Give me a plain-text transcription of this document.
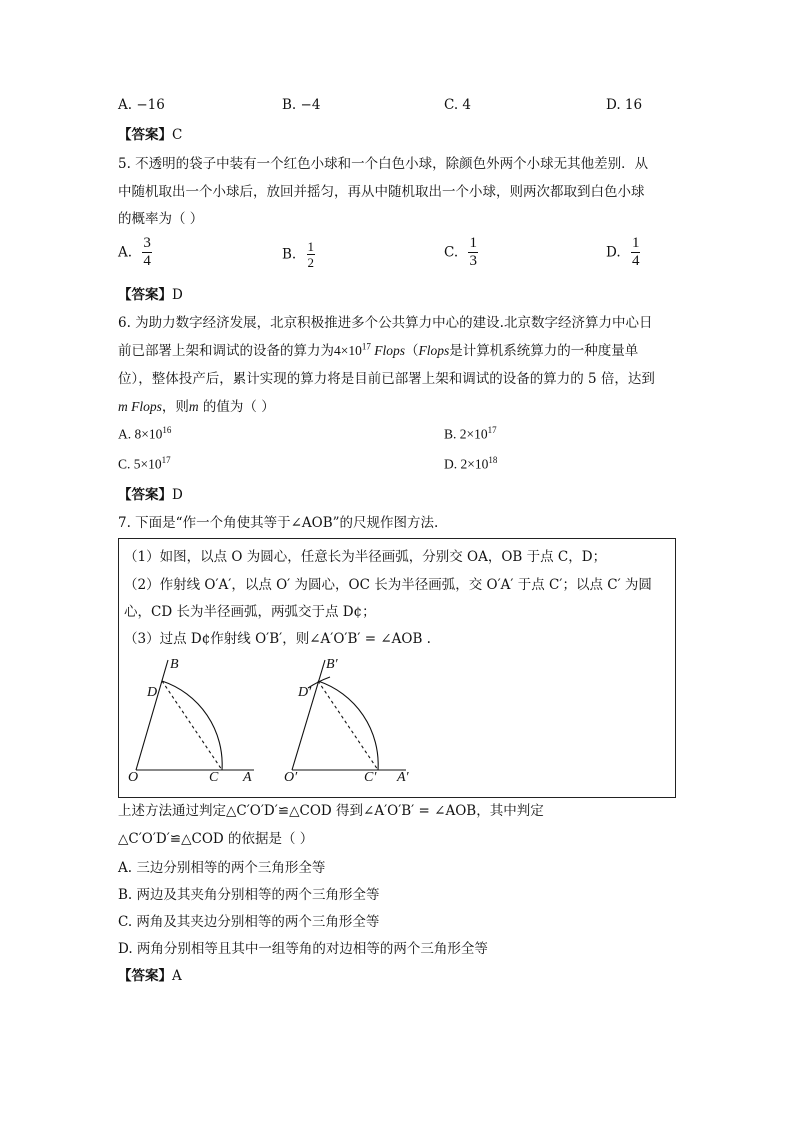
A. −16	B. −4	C. 4	D. 16
【答案】C
5. 不透明的袋子中装有一个红色小球和一个白色小球，除颜色外两个小球无其他差别．从
中随机取出一个小球后，放回并摇匀，再从中随机取出一个小球，则两次都取到白色小球
的概率为（ ）
A. $\frac{3}{4}$	B. $\frac{1}{2}$	C. $\frac{1}{3}$	D. $\frac{1}{4}$
【答案】D
6. 为助力数字经济发展，北京积极推进多个公共算力中心的建设.北京数字经济算力中心日
前已部署上架和调试的设备的算力为$4\times 10^{17}$ Flops（Flops是计算机系统算力的一种度量单
位），整体投产后，累计实现的算力将是目前已部署上架和调试的设备的算力的 5 倍，达到
m Flops，则m 的值为（ ）
A. $8\times 10^{16}$	B. $2\times 10^{17}$
C. $5\times 10^{17}$	D. $2\times 10^{18}$
【答案】D
7. 下面是“作一个角使其等于∠AOB”的尺规作图方法.
（1）如图，以点 O 为圆心，任意长为半径画弧，分别交 OA，OB 于点 C，D；
（2）作射线 O′A′，以点 O′ 为圆心，OC 长为半径画弧，交 O′A′ 于点 C′；以点 C′ 为圆
心，CD 长为半径画弧，两弧交于点 D¢；
（3）过点 D¢作射线 O′B′，则∠A′O′B′ = ∠AOB .
O	C A
B
D
O′	C′ A′
B′
D′
上述方法通过判定△C′O′D′≌△COD 得到∠A′O′B′ = ∠AOB，其中判定
△C′O′D′≌△COD 的依据是（ ）
A. 三边分别相等的两个三角形全等
B. 两边及其夹角分别相等的两个三角形全等
C. 两角及其夹边分别相等的两个三角形全等
D. 两角分别相等且其中一组等角的对边相等的两个三角形全等
【答案】A
